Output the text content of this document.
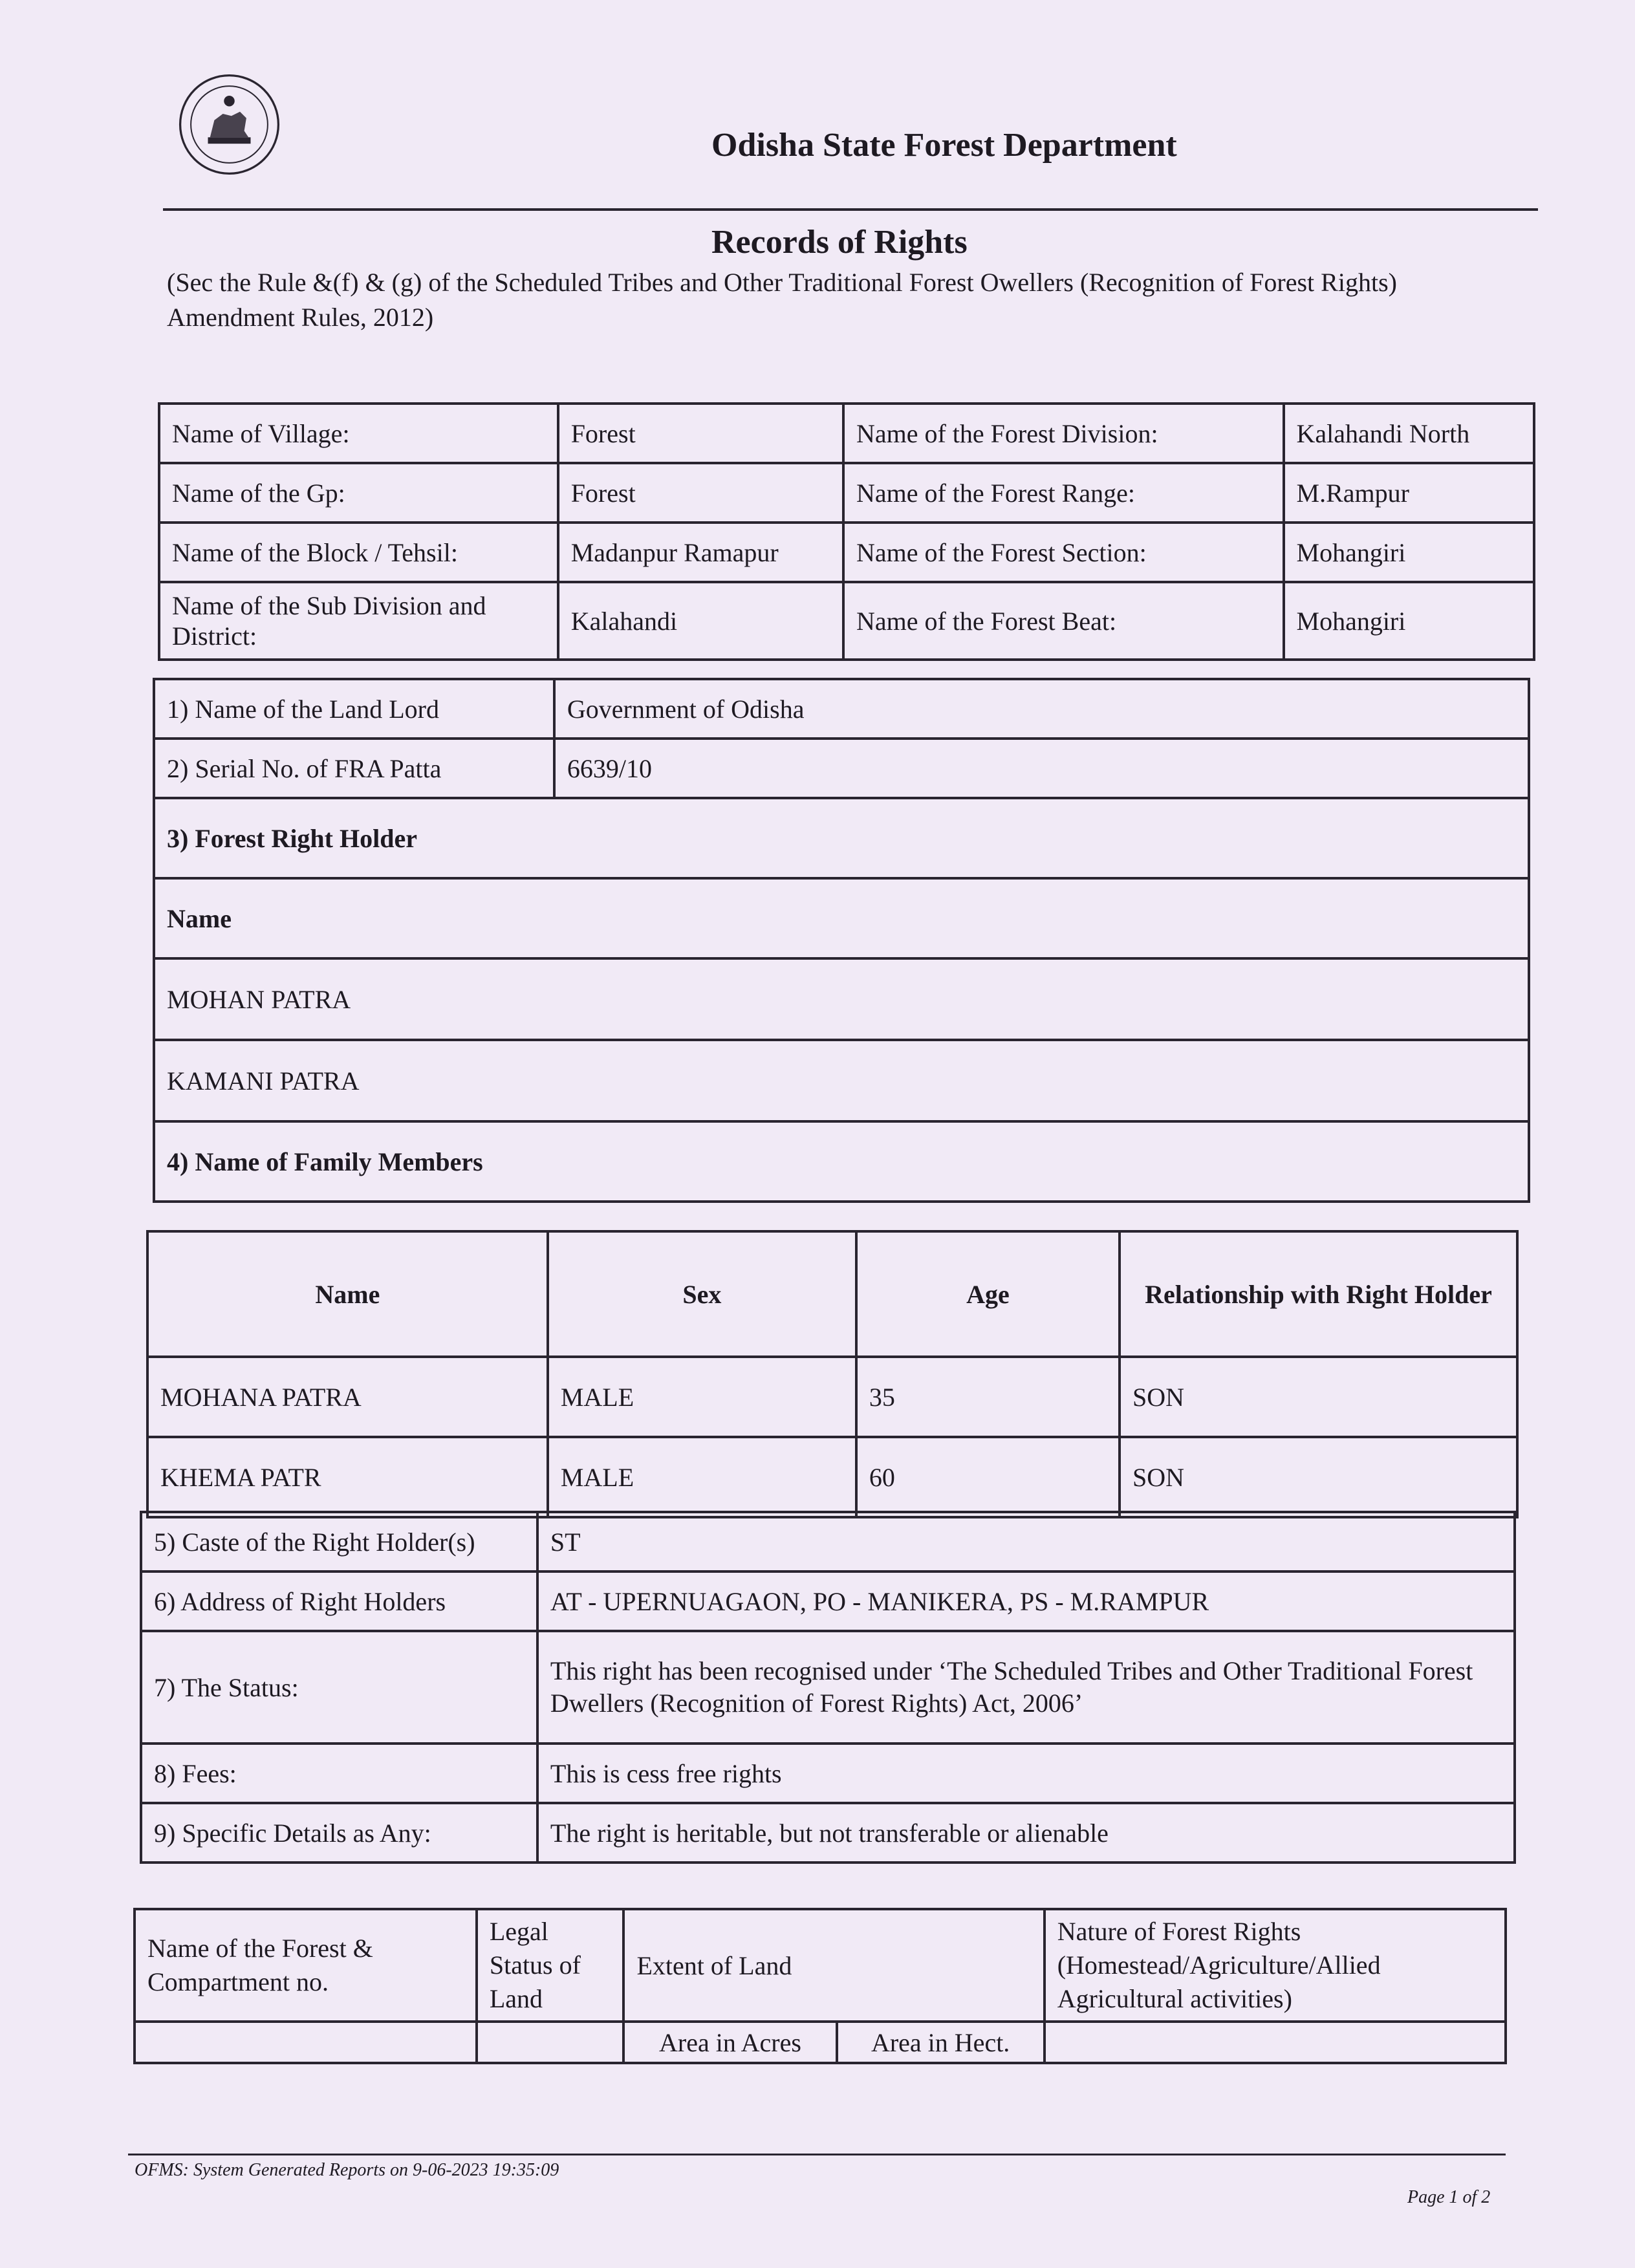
Odisha State Forest Department
Records of Rights
(Sec the Rule &(f) & (g) of the Scheduled Tribes and Other Traditional Forest Owellers (Recognition of Forest Rights) Amendment Rules, 2012)
Name of Village:	Forest	Name of the Forest Division:	Kalahandi North
Name of the Gp:	Forest	Name of the Forest Range:	M.Rampur
Name of the Block / Tehsil:	Madanpur Ramapur	Name of the Forest Section:	Mohangiri
Name of the Sub Division and District:	Kalahandi	Name of the Forest Beat:	Mohangiri
1) Name of the Land Lord	Government of Odisha
2) Serial No. of FRA Patta	6639/10
3) Forest Right Holder	
Name	
MOHAN PATRA	
KAMANI PATRA	
4) Name of Family Members	
Name	Sex	Age	Relationship with Right Holder
MOHANA PATRA	MALE	35	SON
KHEMA PATR	MALE	60	SON
5) Caste of the Right Holder(s)	ST
6) Address of Right Holders	AT - UPERNUAGAON, PO - MANIKERA, PS - M.RAMPUR
7) The Status:	This right has been recognised under ‘The Scheduled Tribes and Other Traditional Forest Dwellers (Recognition of Forest Rights) Act, 2006’
8) Fees:	This is cess free rights
9) Specific Details as Any:	The right is heritable, but not transferable or alienable
Name of the Forest & Compartment no.	Legal Status of Land	Extent of Land		Nature of Forest Rights (Homestead/Agriculture/Allied Agricultural activities)
		Area in Acres	Area in Hect.	
OFMS: System Generated Reports on 9-06-2023 19:35:09
Page 1 of 2
